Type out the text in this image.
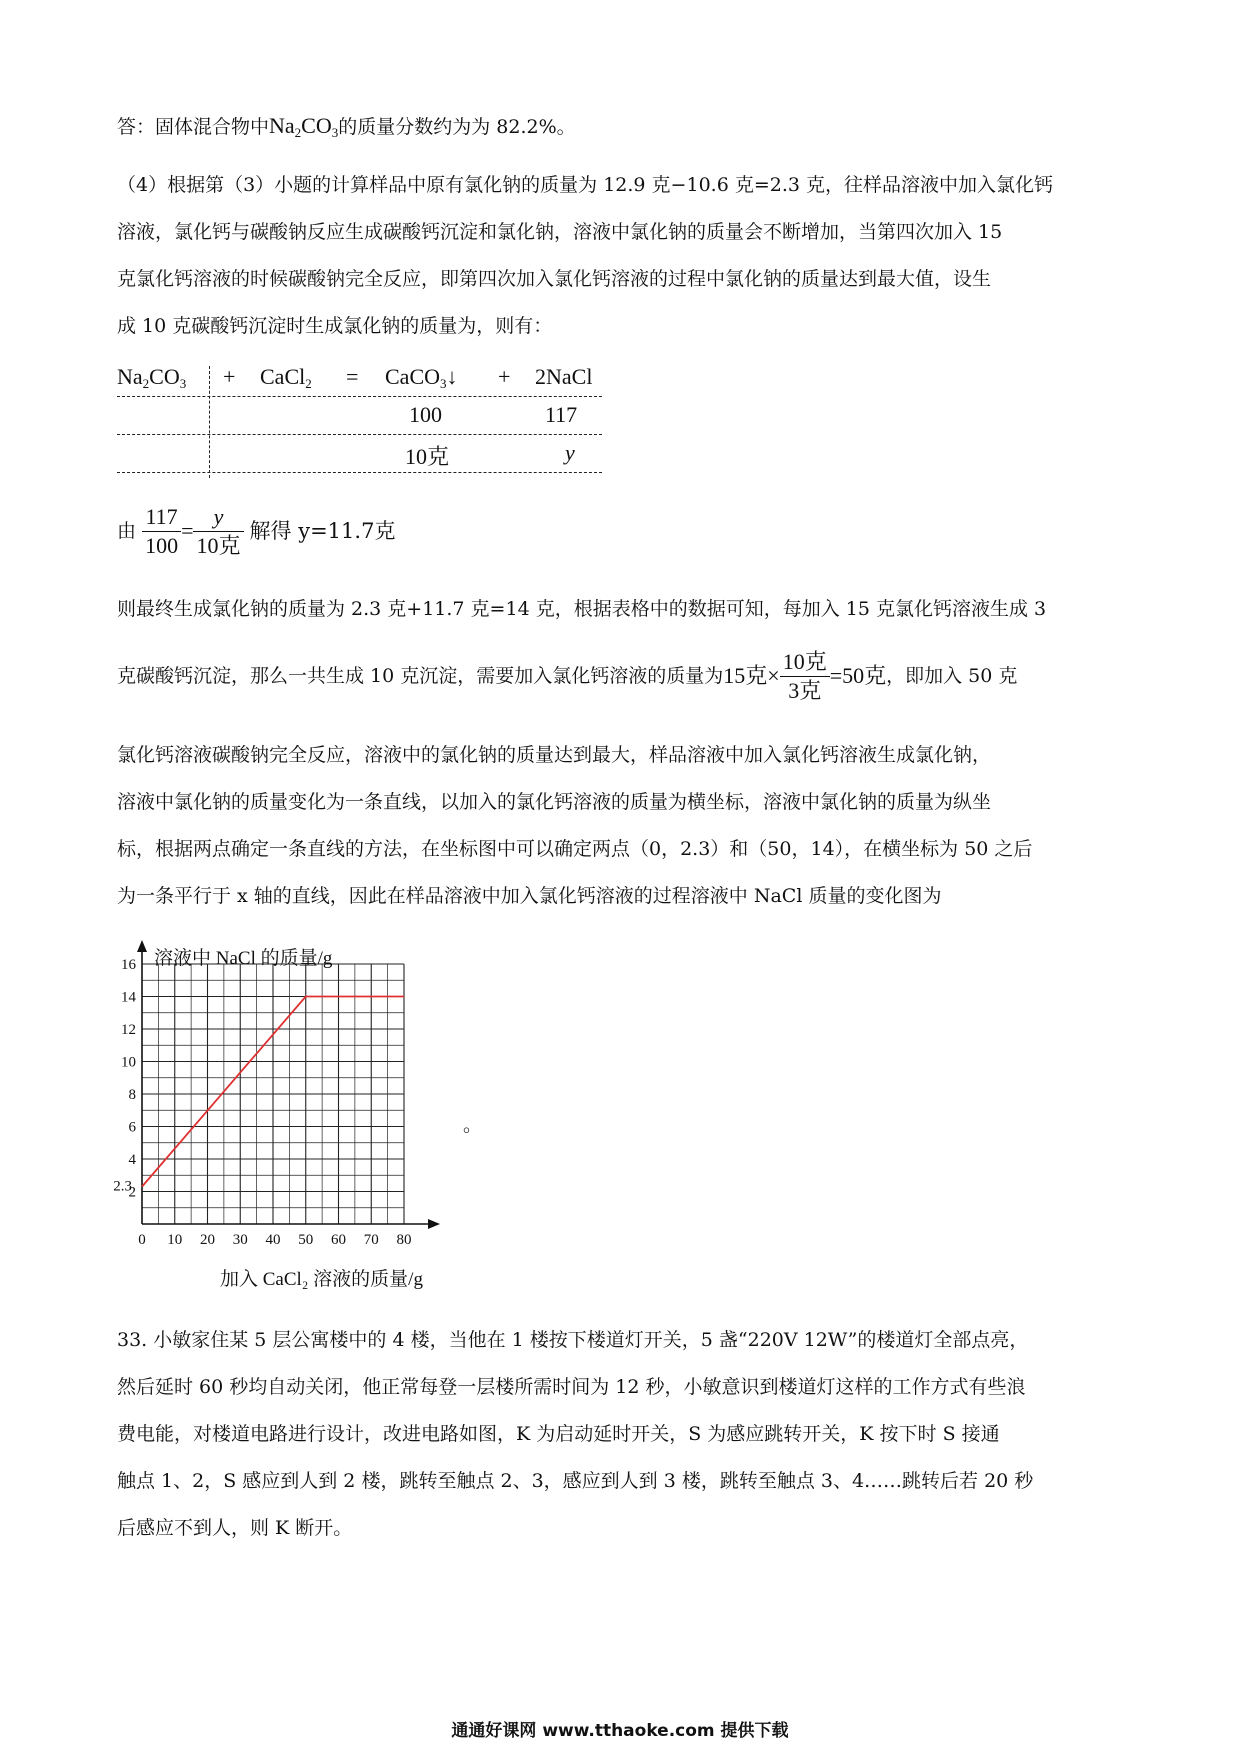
答：固体混合物中$Na_2CO_3$的质量分数约为为 82.2%。
（4）根据第（3）小题的计算样品中原有氯化钠的质量为 12.9 克−10.6 克=2.3 克，往样品溶液中加入氯化钙
溶液，氯化钙与碳酸钠反应生成碳酸钙沉淀和氯化钠，溶液中氯化钠的质量会不断增加，当第四次加入 15
克氯化钙溶液的时候碳酸钠完全反应，即第四次加入氯化钙溶液的过程中氯化钠的质量达到最大值，设生
成 10 克碳酸钙沉淀时生成氯化钠的质量为，则有：
$Na_2CO_3$ + CaCl$_2$ = CaCO$_3$↓ + 2NaCl
100	117
10克	y
由 $\frac{117}{100} = \frac{y}{\text{10克}}$ 解得 y=11.7克
则最终生成氯化钠的质量为 2.3 克+11.7 克=14 克，根据表格中的数据可知，每加入 15 克氯化钙溶液生成 3
克碳酸钙沉淀，那么一共生成 10 克沉淀，需要加入氯化钙溶液的质量为15克× $\frac{\text{10克}}{\text{3克}} =50$克，即加入 50 克
氯化钙溶液碳酸钠完全反应，溶液中的氯化钠的质量达到最大，样品溶液中加入氯化钙溶液生成氯化钠，
溶液中氯化钠的质量变化为一条直线，以加入的氯化钙溶液的质量为横坐标，溶液中氯化钠的质量为纵坐
标，根据两点确定一条直线的方法，在坐标图中可以确定两点（0，2.3）和（50，14），在横坐标为 50 之后
为一条平行于 x 轴的直线，因此在样品溶液中加入氯化钙溶液的过程溶液中 NaCl 质量的变化图为
0 10 20 30 40 50 60 70 80
2
4
6
8
10
12
14
16
2.3
溶液中 NaCl 的质量/g
加入 CaCl₂ 溶液的质量/g
。
33. 小敏家住某 5 层公寓楼中的 4 楼，当他在 1 楼按下楼道灯开关，5 盏“220V 12W”的楼道灯全部点亮，
然后延时 60 秒均自动关闭，他正常每登一层楼所需时间为 12 秒，小敏意识到楼道灯这样的工作方式有些浪
费电能，对楼道电路进行设计，改进电路如图，K 为启动延时开关，S 为感应跳转开关，K 按下时 S 接通
触点 1、2，S 感应到人到 2 楼，跳转至触点 2、3，感应到人到 3 楼，跳转至触点 3、4……跳转后若 20 秒
后感应不到人，则 K 断开。
通通好课网 www.tthaoke.com 提供下载
